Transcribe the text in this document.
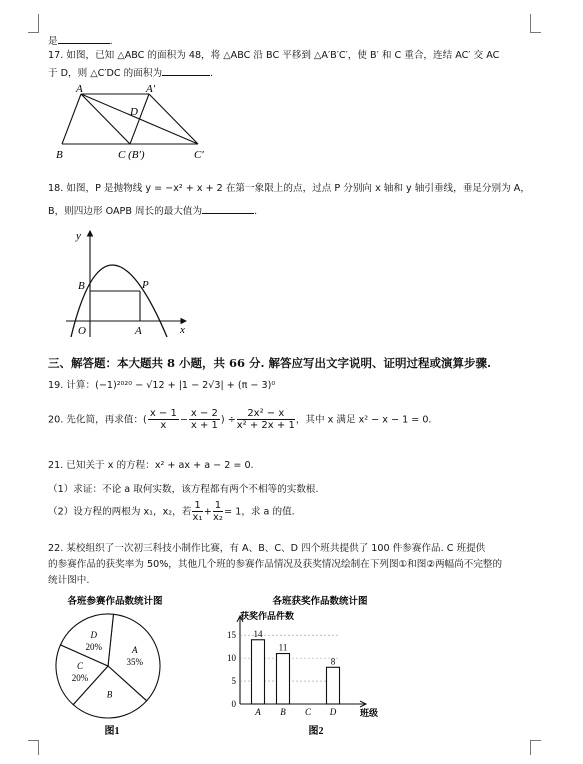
是	.
17. 如图，已知 △ABC 的面积为 48，将 △ABC 沿 BC 平移到 △A′B′C′，使 B′ 和 C 重合，连结 AC′ 交 AC
于 D，则 △C′DC 的面积为	.
A	A′
D
B	C (B′)	C′
18. 如图，P 是抛物线 y = −x² + x + 2 在第一象限上的点，过点 P 分别向 x 轴和 y 轴引垂线，垂足分别为 A，
B，则四边形 OAPB 周长的最大值为	.
y
x
B	P
O	A
三、解答题：本大题共 8 小题，共 66 分. 解答应写出文字说明、证明过程或演算步骤.
19. 计算：(−1)²⁰²⁰ − √12 + |1 − 2√3| + (π − 3)⁰
20. 先化简，再求值：( $\frac{x - 1}{x} - \frac{x - 2}{x + 1}$ ) ÷ $\frac{\text{2x² − x}}{\text{x² + 2x + 1}}$ ，其中 x 满足 x² − x − 1 = 0.
21. 已知关于 x 的方程：x² + ax + a − 2 = 0.
（1）求证：不论 a 取何实数，该方程都有两个不相等的实数根.
（2）设方程的两根为 x₁，x₂，若 $\frac{1}{\text{x₁}} + \frac{1}{\text{x₂}} = 1$，求 a 的值.
22. 某校组织了一次初三科技小制作比赛，有 A、B、C、D 四个班共提供了 100 件参赛作品. C 班提供
的参赛作品的获奖率为 50%，其他几个班的参赛作品情况及获奖情况绘制在下列图①和图②两幅尚不完整的
统计图中.
各班参赛作品数统计图
A
35%
B
C
20%
D
20%
图1
各班获奖作品数统计图
获奖作品件数
班级
图2
0
5
10
15 14
A
11
B C
8
D
